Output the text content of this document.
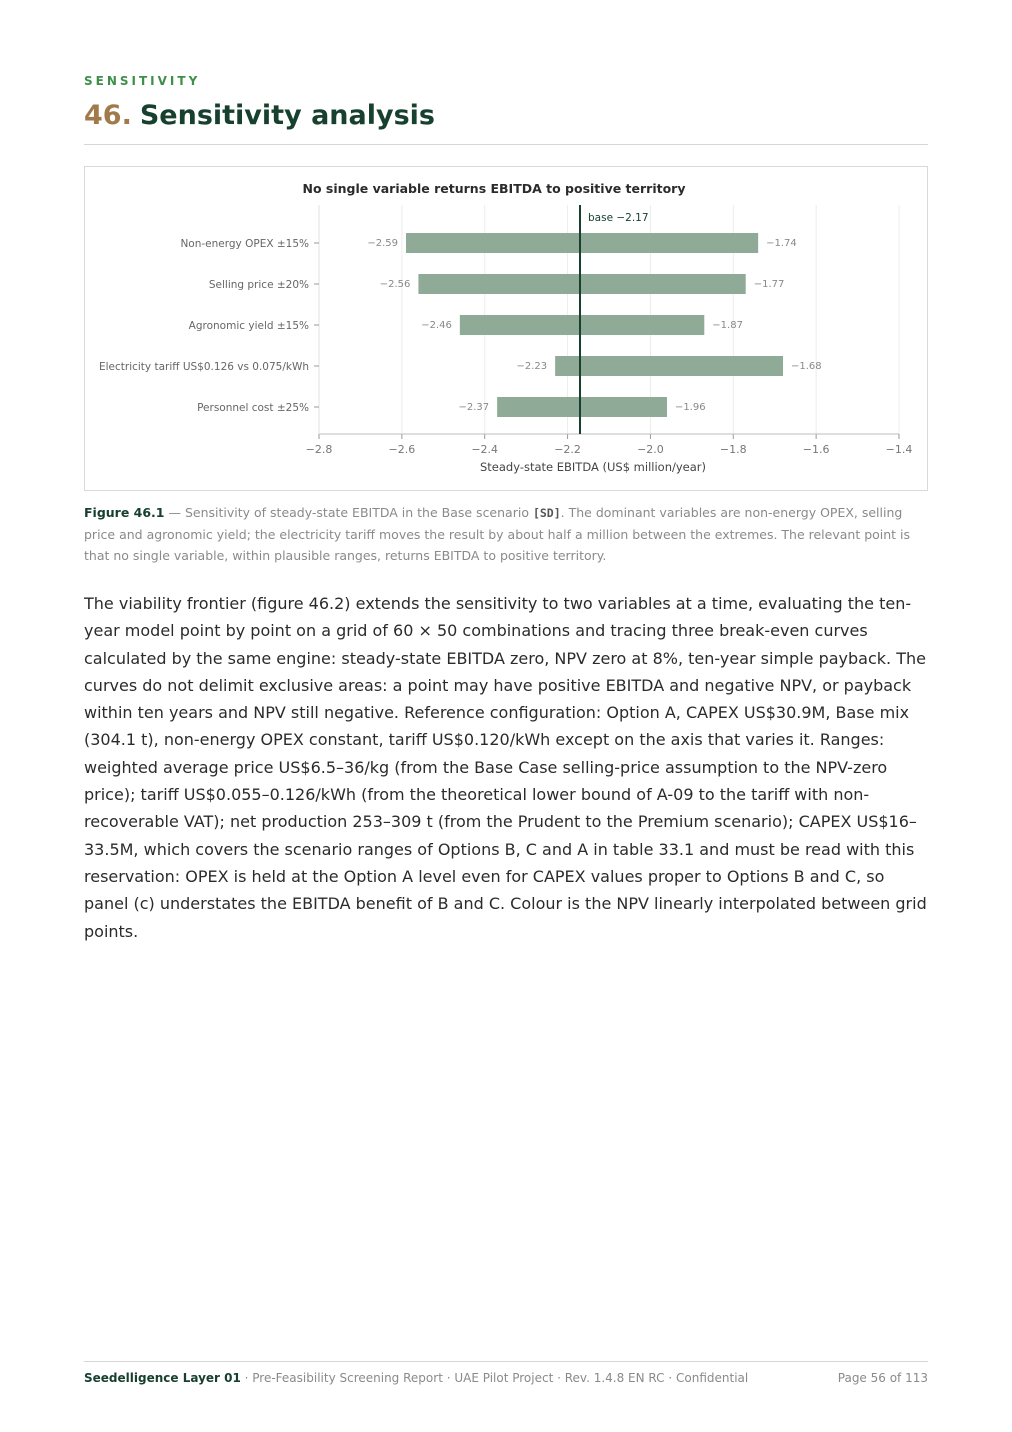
SENSITIVITY
46. Sensitivity analysis
No single variable returns EBITDA to positive territory
−2.8	−2.6	−2.4	−2.2	−2.0	−1.8	−1.6	−1.4
Steady-state EBITDA (US$ million/year)
Non-energy OPEX ±15%	−2.59	−1.74
Selling price ±20%	−2.56	−1.77
Agronomic yield ±15%	−2.46	−1.87
Electricity tariff US$0.126 vs 0.075/kWh	−2.23	−1.68
Personnel cost ±25%	−2.37	−1.96
base −2.17
Figure 46.1 — Sensitivity of steady-state EBITDA in the Base scenario [SD]. The dominant variables are non-energy OPEX, selling price and agronomic yield; the electricity tariff moves the result by about half a million between the extremes. The relevant point is that no single variable, within plausible ranges, returns EBITDA to positive territory.

The viability frontier (figure 46.2) extends the sensitivity to two variables at a time, evaluating the ten-year model point by point on a grid of 60 × 50 combinations and tracing three break-even curves calculated by the same engine: steady-state EBITDA zero, NPV zero at 8%, ten-year simple payback. The curves do not delimit exclusive areas: a point may have positive EBITDA and negative NPV, or payback within ten years and NPV still negative. Reference configuration: Option A, CAPEX US$30.9M, Base mix (304.1 t), non-energy OPEX constant, tariff US$0.120/kWh except on the axis that varies it. Ranges: weighted average price US$6.5–36/kg (from the Base Case selling-price assumption to the NPV-zero price); tariff US$0.055–0.126/kWh (from the theoretical lower bound of A-09 to the tariff with non-recoverable VAT); net production 253–309 t (from the Prudent to the Premium scenario); CAPEX US$16–33.5M, which covers the scenario ranges of Options B, C and A in table 33.1 and must be read with this reservation: OPEX is held at the Option A level even for CAPEX values proper to Options B and C, so panel (c) understates the EBITDA benefit of B and C. Colour is the NPV linearly interpolated between grid points.

Seedelligence Layer 01 · Pre-Feasibility Screening Report · UAE Pilot Project · Rev. 1.4.8 EN RC · Confidential	Page 56 of 113
